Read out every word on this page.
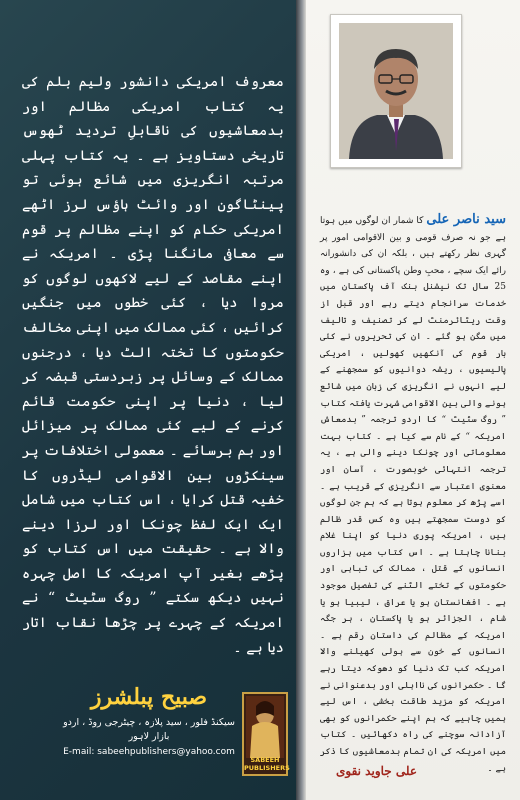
معروف امریکی دانشور ولیم بلم کی یہ کتاب امریکی مظالم اور بدمعاشیوں کی ناقابلِ تردید ٹھوس تاریخی دستاویز ہے ۔ یہ کتاب پہلی مرتبہ انگریزی میں شائع ہوئی تو پینٹاگون اور وائٹ ہاؤس لرز اٹھے امریکی حکام کو اپنے مظالم پر قوم سے معافی مانگنا پڑی ۔ امریکہ نے اپنے مقاصد کے لیے لاکھوں لوگوں کو مروا دیا ، کئی خطوں میں جنگیں کرائیں ، کئی ممالک میں اپنی مخالف حکومتوں کا تختہ الٹ دیا ، درجنوں ممالک کے وسائل پر زبردستی قبضہ کر لیا ، دنیا پر اپنی حکومت قائم کرنے کے لیے کئی ممالک پر میزائل اور بم برسائے ۔ معمولی اختلافات پر سینکڑوں بین الاقوامی لیڈروں کا خفیہ قتل کرایا ، اس کتاب میں شامل ایک ایک لفظ چونکا اور لرزا دینے والا ہے ۔ حقیقت میں اس کتاب کو پڑھے بغیر آپ امریکہ کا اصل چہرہ نہیں دیکھ سکتے ” روگ سٹیٹ “ نے امریکہ کے چہرے پر چڑھا نقاب اتار دیا ہے ۔

صبیح پبلشرز
سیکنڈ فلور ، سید پلازہ ، چیٹرجی روڈ ، اردو بازار لاہور
E-mail: sabeehpublishers@yahoo.com
SABEEH PUBLISHERS
سید ناصر علی کا شمار ان لوگوں میں ہوتا ہے جو نہ صرف قومی و بین الاقوامی امور پر گہری نظر رکھتے ہیں ، بلکہ ان کی دانشورانہ رائے ایک سچے ، محبِ وطن پاکستانی کی ہے ، وہ 25 سال تک نیشنل بنک آف پاکستان میں خدمات سرانجام دیتے رہے اور قبل از وقت ریٹائرمنٹ لے کر تصنیف و تالیف میں مگن ہو گئے ۔ ان کی تحریروں نے کئی بار قوم کی آنکھیں کھولیں ، امریکی پالیسیوں ، ریشہ دوانیوں کو سمجھنے کے لیے انہوں نے انگریزی کی زبان میں شائع ہونے والی بین الاقوامی شہرت یافتہ کتاب ” روگ سٹیٹ “ کا اردو ترجمہ ” بدمعاش امریکہ “ کے نام سے کیا ہے ۔ کتاب بہت معلوماتی اور چونکا دینے والی ہے ، یہ ترجمہ انتہائی خوبصورت ، آسان اور معنوی اعتبار سے انگریزی کے قریب ہے ۔ اسے پڑھ کر معلوم ہوتا ہے کہ ہم جن لوگوں کو دوست سمجھتے ہیں وہ کس قدر ظالم ہیں ، امریکہ پوری دنیا کو اپنا غلام بنانا چاہتا ہے ۔ اس کتاب میں ہزاروں انسانوں کے قتل ، ممالک کی تباہی اور حکومتوں کے تختے الٹنے کی تفصیل موجود ہے ۔ افغانستان ہو یا عراق ، لیبیا ہو یا شام ، الجزائر ہو یا پاکستان ، ہر جگہ امریکہ کے مظالم کی داستان رقم ہے ۔ انسانوں کے خون سے ہولی کھیلنے والا امریکہ کب تک دنیا کو دھوکہ دیتا رہے گا ۔ حکمرانوں کی نااہلی اور بدعنوانی نے امریکہ کو مزید طاقت بخشی ، اس لیے ہمیں چاہیے کہ ہم اپنے حکمرانوں کو بھی آزادانہ سوچنے کی راہ دکھائیں ۔ کتاب میں امریکہ کی ان تمام بدمعاشیوں کا ذکر ہے ۔
علی جاوید نقوی
